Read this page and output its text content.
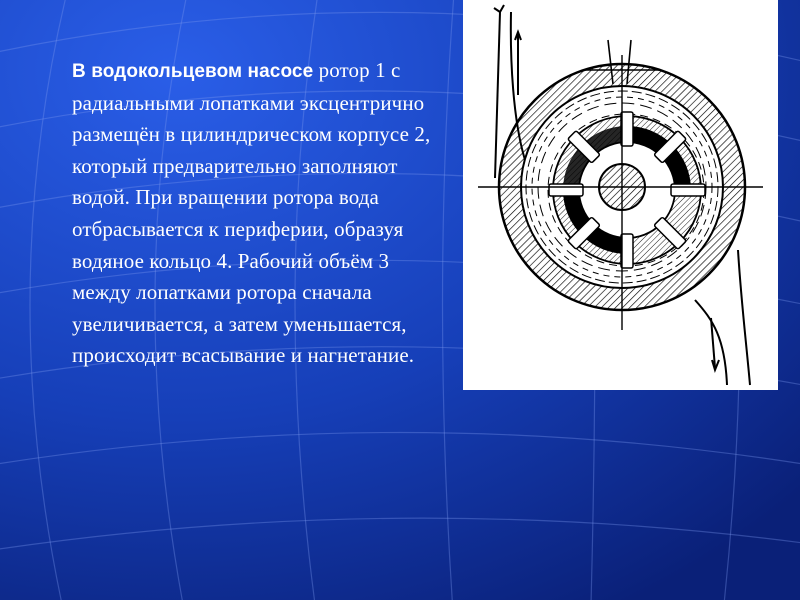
В водокольцевом насосе ротор 1 с радиальными лопатками эксцентрично размещён в цилиндрическом корпусе 2, который предварительно заполняют водой. При вращении ротора вода отбрасывается к периферии, образуя водяное кольцо 4. Рабочий объём 3 между лопатками ротора сначала увеличивается, а затем уменьшается, происходит всасывание и нагнетание.
